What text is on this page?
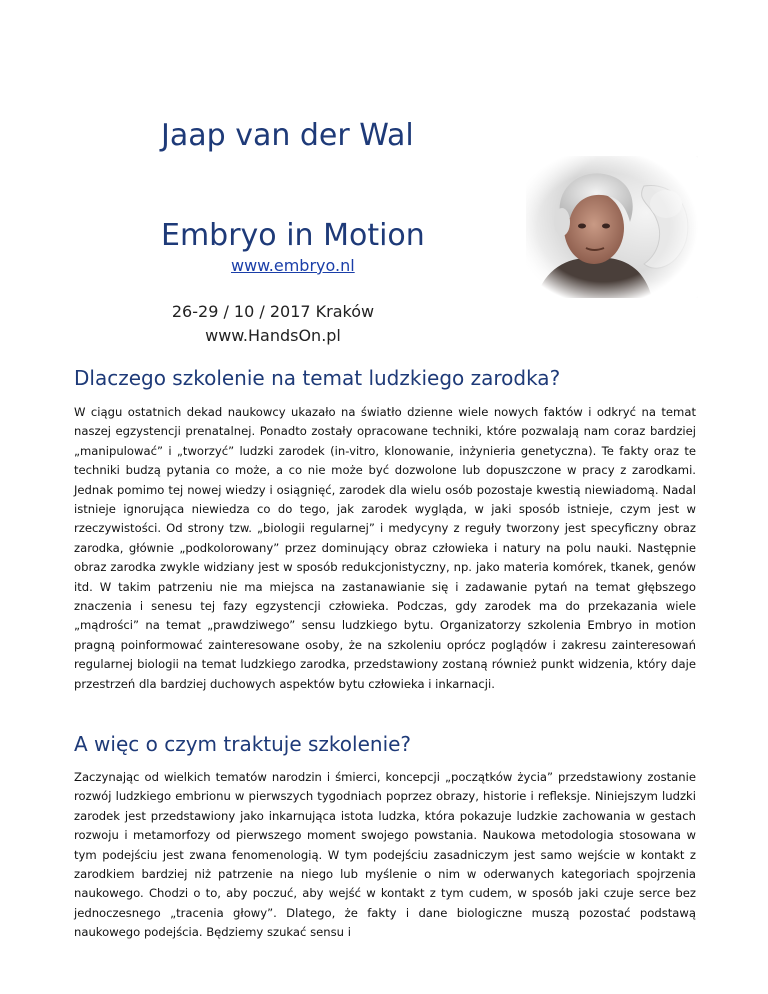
Jaap van der Wal
Embryo in Motion
www.embryo.nl
26-29 / 10 / 2017 Kraków
www.HandsOn.pl
Dlaczego szkolenie na temat ludzkiego zarodka?

W ciągu ostatnich dekad naukowcy ukazało na światło dzienne wiele nowych faktów i odkryć na temat naszej egzystencji prenatalnej. Ponadto zostały opracowane techniki, które pozwalają nam coraz bardziej „manipulować” i „tworzyć” ludzki zarodek (in-vitro, klonowanie, inżynieria genetyczna). Te fakty oraz te techniki budzą pytania co może, a co nie może być dozwolone lub dopuszczone w pracy z zarodkami. Jednak pomimo tej nowej wiedzy i osiągnięć, zarodek dla wielu osób pozostaje kwestią niewiadomą. Nadal istnieje ignorująca niewiedza co do tego, jak zarodek wygląda, w jaki sposób istnieje, czym jest w rzeczywistości. Od strony tzw. „biologii regularnej” i medycyny z reguły tworzony jest specyficzny obraz zarodka, głównie „podkolorowany” przez dominujący obraz człowieka i natury na polu nauki. Następnie obraz zarodka zwykle widziany jest w sposób redukcjonistyczny, np. jako materia komórek, tkanek, genów itd. W takim patrzeniu nie ma miejsca na zastanawianie się i zadawanie pytań na temat głębszego znaczenia i senesu tej fazy egzystencji człowieka. Podczas, gdy zarodek ma do przekazania wiele „mądrości” na temat „prawdziwego” sensu ludzkiego bytu. Organizatorzy szkolenia Embryo in motion pragną poinformować zainteresowane osoby, że na szkoleniu oprócz poglądów i zakresu zainteresowań regularnej biologii na temat ludzkiego zarodka, przedstawiony zostaną również punkt widzenia, który daje przestrzeń dla bardziej duchowych aspektów bytu człowieka i inkarnacji.

A więc o czym traktuje szkolenie?

Zaczynając od wielkich tematów narodzin i śmierci, koncepcji „początków życia” przedstawiony zostanie rozwój ludzkiego embrionu w pierwszych tygodniach poprzez obrazy, historie i refleksje. Niniejszym ludzki zarodek jest przedstawiony jako inkarnująca istota ludzka, która pokazuje ludzkie zachowania w gestach rozwoju i metamorfozy od pierwszego moment swojego powstania. Naukowa metodologia stosowana w tym podejściu jest zwana fenomenologią. W tym podejściu zasadniczym jest samo wejście w kontakt z zarodkiem bardziej niż patrzenie na niego lub myślenie o nim w oderwanych kategoriach spojrzenia naukowego. Chodzi o to, aby poczuć, aby wejść w kontakt z tym cudem, w sposób jaki czuje serce bez jednoczesnego „tracenia głowy”. Dlatego, że fakty i dane biologiczne muszą pozostać podstawą naukowego podejścia. Będziemy szukać sensu i
